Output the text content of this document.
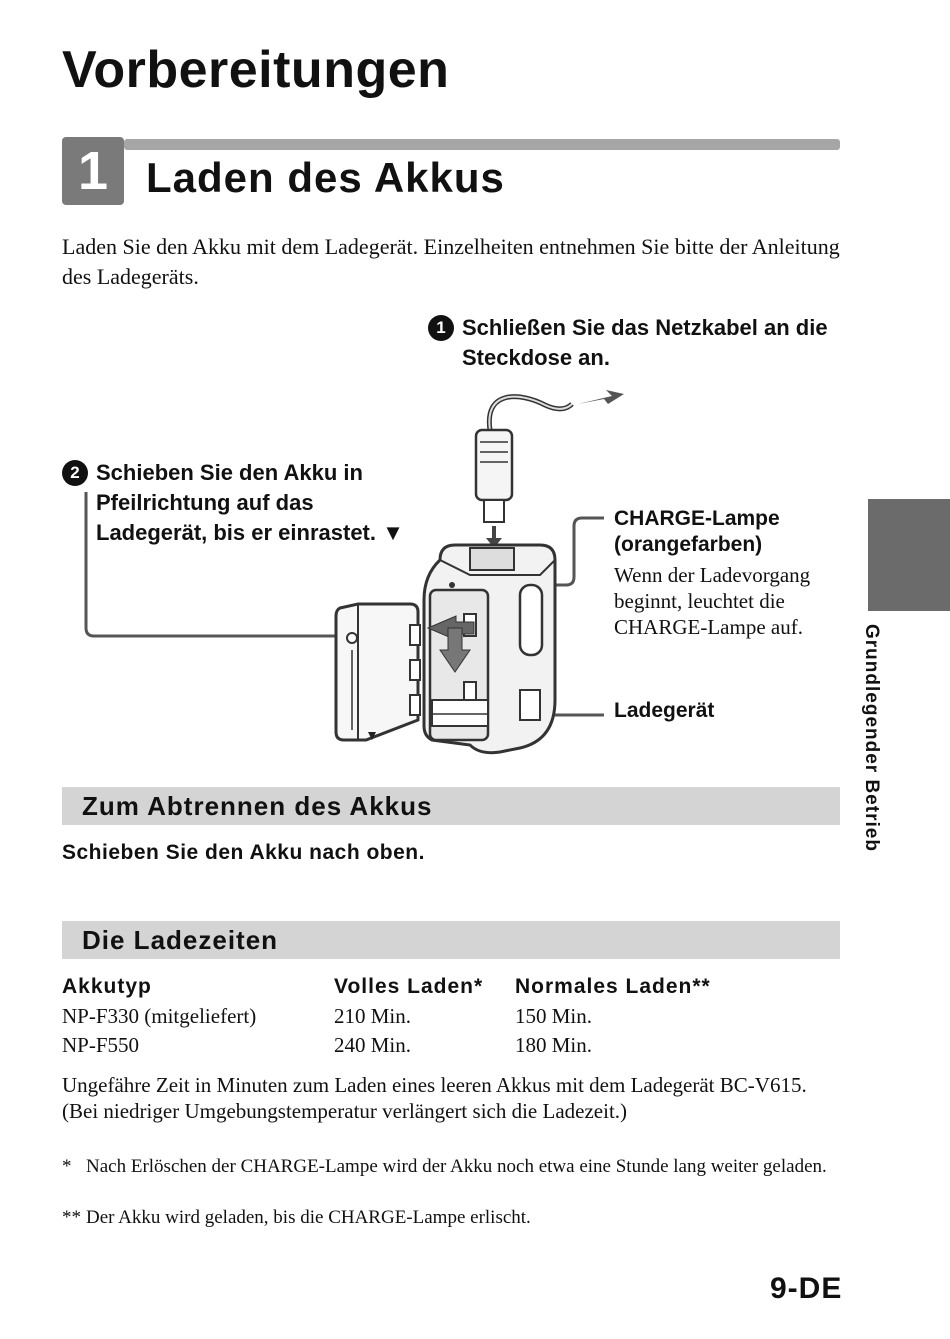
Vorbereitungen
1 Laden des Akkus
Laden Sie den Akku mit dem Ladegerät. Einzelheiten entnehmen Sie bitte der Anleitung des Ladegeräts.
1 Schließen Sie das Netzkabel an die Steckdose an.
2 Schieben Sie den Akku in Pfeilrichtung auf das Ladegerät, bis er einrastet. ▼
CHARGE-Lampe (orangefarben)
Wenn der Ladevorgang beginnt, leuchtet die CHARGE-Lampe auf.
Ladegerät
Zum Abtrennen des Akkus
Schieben Sie den Akku nach oben.
Die Ladezeiten
Akkutyp	Volles Laden*	Normales Laden**
NP-F330 (mitgeliefert)	210 Min.	150 Min.
NP-F550	240 Min.	180 Min.
Ungefähre Zeit in Minuten zum Laden eines leeren Akkus mit dem Ladegerät BC-V615. (Bei niedriger Umgebungstemperatur verlängert sich die Ladezeit.)
* Nach Erlöschen der CHARGE-Lampe wird der Akku noch etwa eine Stunde lang weiter geladen.
** Der Akku wird geladen, bis die CHARGE-Lampe erlischt.
Grundlegender Betrieb
9-DE
